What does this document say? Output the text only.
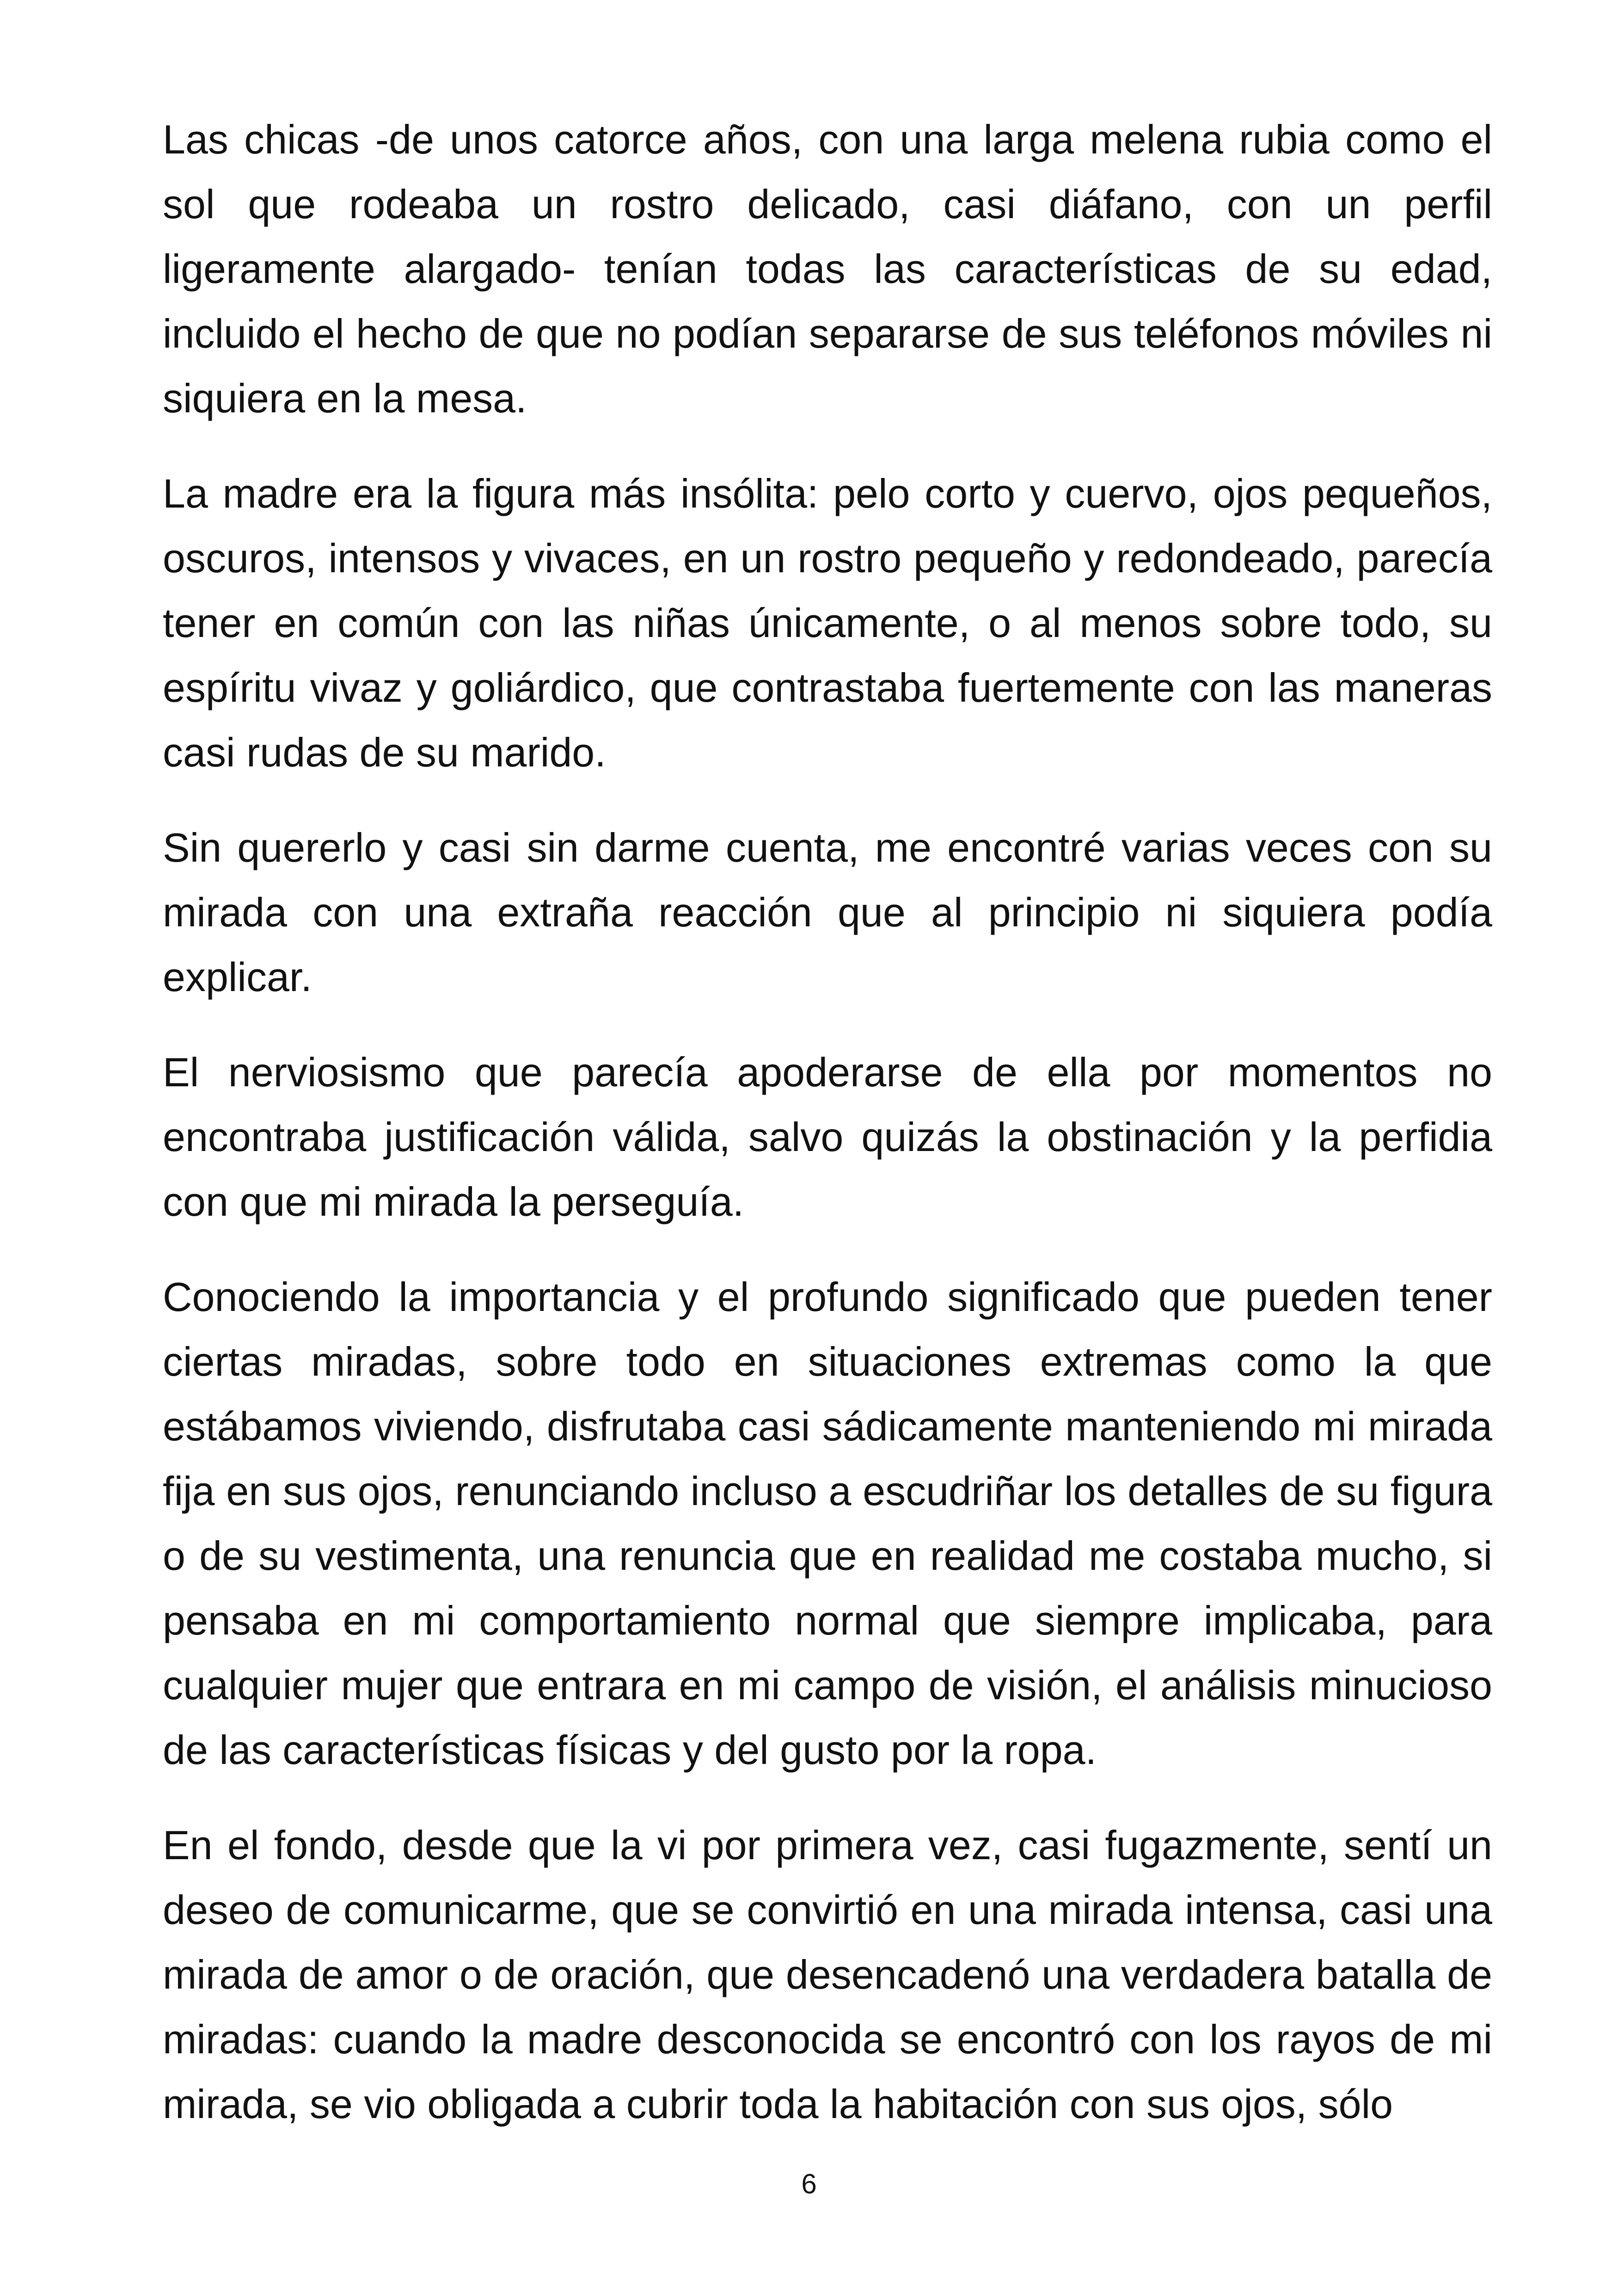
Las chicas -de unos catorce años, con una larga melena rubia como el sol que rodeaba un rostro delicado, casi diáfano, con un perfil ligeramente alargado- tenían todas las características de su edad, incluido el hecho de que no podían separarse de sus teléfonos móviles ni siquiera en la mesa.

La madre era la figura más insólita: pelo corto y cuervo, ojos pequeños, oscuros, intensos y vivaces, en un rostro pequeño y redondeado, parecía tener en común con las niñas únicamente, o al menos sobre todo, su espíritu vivaz y goliárdico, que contrastaba fuertemente con las maneras casi rudas de su marido.

Sin quererlo y casi sin darme cuenta, me encontré varias veces con su mirada con una extraña reacción que al principio ni siquiera podía explicar.

El nerviosismo que parecía apoderarse de ella por momentos no encontraba justificación válida, salvo quizás la obstinación y la perfidia con que mi mirada la perseguía.

Conociendo la importancia y el profundo significado que pueden tener ciertas miradas, sobre todo en situaciones extremas como la que estábamos viviendo, disfrutaba casi sádicamente manteniendo mi mirada fija en sus ojos, renunciando incluso a escudriñar los detalles de su figura o de su vestimenta, una renuncia que en realidad me costaba mucho, si pensaba en mi comportamiento normal que siempre implicaba, para cualquier mujer que entrara en mi campo de visión, el análisis minucioso de las características físicas y del gusto por la ropa.

En el fondo, desde que la vi por primera vez, casi fugazmente, sentí un deseo de comunicarme, que se convirtió en una mirada intensa, casi una mirada de amor o de oración, que desencadenó una verdadera batalla de miradas: cuando la madre desconocida se encontró con los rayos de mi mirada, se vio obligada a cubrir toda la habitación con sus ojos, sólo

6
